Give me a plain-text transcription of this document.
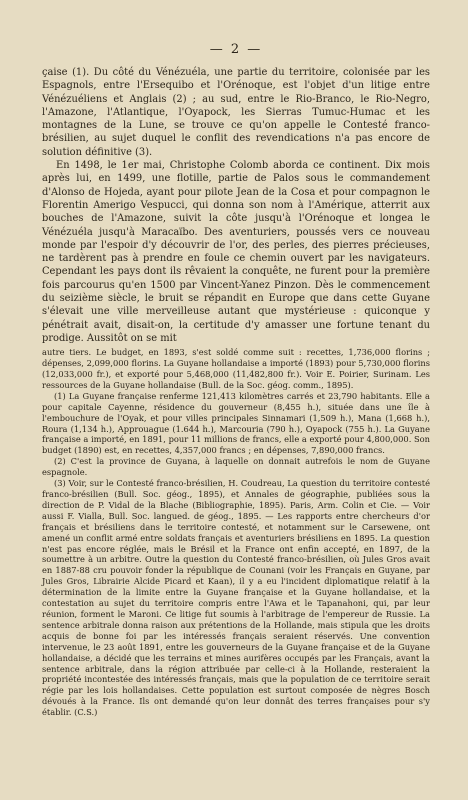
— 2 —

çaise (1). Du côté du Vénézuéla, une partie du territoire, colonisée par les Espagnols, entre l'Ersequibo et l'Orénoque, est l'objet d'un litige entre Vénézuéliens et Anglais (2) ; au sud, entre le Rio-Branco, le Rio-Negro, l'Amazone, l'Atlantique, l'Oyapock, les Sierras Tumuc-Humac et les montagnes de la Lune, se trouve ce qu'on appelle le Contesté franco-brésilien, au sujet duquel le conflit des revendications n'a pas encore de solution définitive (3).

En 1498, le 1er mai, Christophe Colomb aborda ce continent. Dix mois après lui, en 1499, une flotille, partie de Palos sous le commandement d'Alonso de Hojeda, ayant pour pilote Jean de la Cosa et pour compagnon le Florentin Amerigo Vespucci, qui donna son nom à l'Amérique, atterrit aux bouches de l'Amazone, suivit la côte jusqu'à l'Orénoque et longea le Vénézuéla jusqu'à Maracaïbo. Des aventuriers, poussés vers ce nouveau monde par l'espoir d'y découvrir de l'or, des perles, des pierres précieuses, ne tardèrent pas à prendre en foule ce chemin ouvert par les navigateurs. Cependant les pays dont ils rêvaient la conquête, ne furent pour la première fois parcourus qu'en 1500 par Vincent-Yanez Pinzon. Dès le commencement du seizième siècle, le bruit se répandit en Europe que dans cette Guyane s'élevait une ville merveilleuse autant que mystérieuse : quiconque y pénétrait avait, disait-on, la certitude d'y amasser une fortune tenant du prodige. Aussitôt on se mit

autre tiers. Le budget, en 1893, s'est soldé comme suit : recettes, 1,736,000 florins ; dépenses, 2,099,000 florins. La Guyane hollandaise a importé (1893) pour 5,730,000 florins (12,033,000 fr.), et exporté pour 5,468,000 (11,482,800 fr.). Voir E. Poirier, Surinam. Les ressources de la Guyane hollandaise (Bull. de la Soc. géog. comm., 1895).

(1) La Guyane française renferme 121,413 kilomètres carrés et 23,790 habitants. Elle a pour capitale Cayenne, résidence du gouverneur (8,455 h.), située dans une île à l'embouchure de l'Oyak, et pour villes principales Sinnamari (1,509 h.), Mana (1,668 h.), Roura (1,134 h.), Approuague (1.644 h.), Marcouria (790 h.), Oyapock (755 h.). La Guyane française a importé, en 1891, pour 11 millions de francs, elle a exporté pour 4,800,000. Son budget (1890) est, en recettes, 4,357,000 francs ; en dépenses, 7,890,000 francs.

(2) C'est la province de Guyana, à laquelle on donnait autrefois le nom de Guyane espagnole.

(3) Voir, sur le Contesté franco-brésilien, H. Coudreau, La question du territoire contesté franco-brésilien (Bull. Soc. géog., 1895), et Annales de géographie, publiées sous la direction de P. Vidal de la Blache (Bibliographie, 1895). Paris, Arm. Colin et Cie. — Voir aussi F. Vialla, Bull. Soc. langued. de géog., 1895. — Les rapports entre chercheurs d'or français et brésiliens dans le territoire contesté, et notamment sur le Carsewene, ont amené un conflit armé entre soldats français et aventuriers brésiliens en 1895. La question n'est pas encore réglée, mais le Brésil et la France ont enfin accepté, en 1897, de la soumettre à un arbitre. Outre la question du Contesté franco-brésilien, où Jules Gros avait en 1887-88 cru pouvoir fonder la république de Counani (voir les Français en Guyane, par Jules Gros, Librairie Alcide Picard et Kaan), il y a eu l'incident diplomatique relatif à la détermination de la limite entre la Guyane française et la Guyane hollandaise, et la contestation au sujet du territoire compris entre l'Awa et le Tapanahoni, qui, par leur réunion, forment le Maroni. Ce litige fut soumis à l'arbitrage de l'empereur de Russie. La sentence arbitrale donna raison aux prétentions de la Hollande, mais stipula que les droits acquis de bonne foi par les intéressés français seraient réservés. Une convention intervenue, le 23 août 1891, entre les gouverneurs de la Guyane française et de la Guyane hollandaise, a décidé que les terrains et mines aurifères occupés par les Français, avant la sentence arbitrale, dans la région attribuée par celle-ci à la Hollande, resteraient la propriété incontestée des intéressés français, mais que la population de ce territoire serait régie par les lois hollandaises. Cette population est surtout composée de nègres Bosch dévoués à la France. Ils ont demandé qu'on leur donnât des terres françaises pour s'y établir. (C.S.)
